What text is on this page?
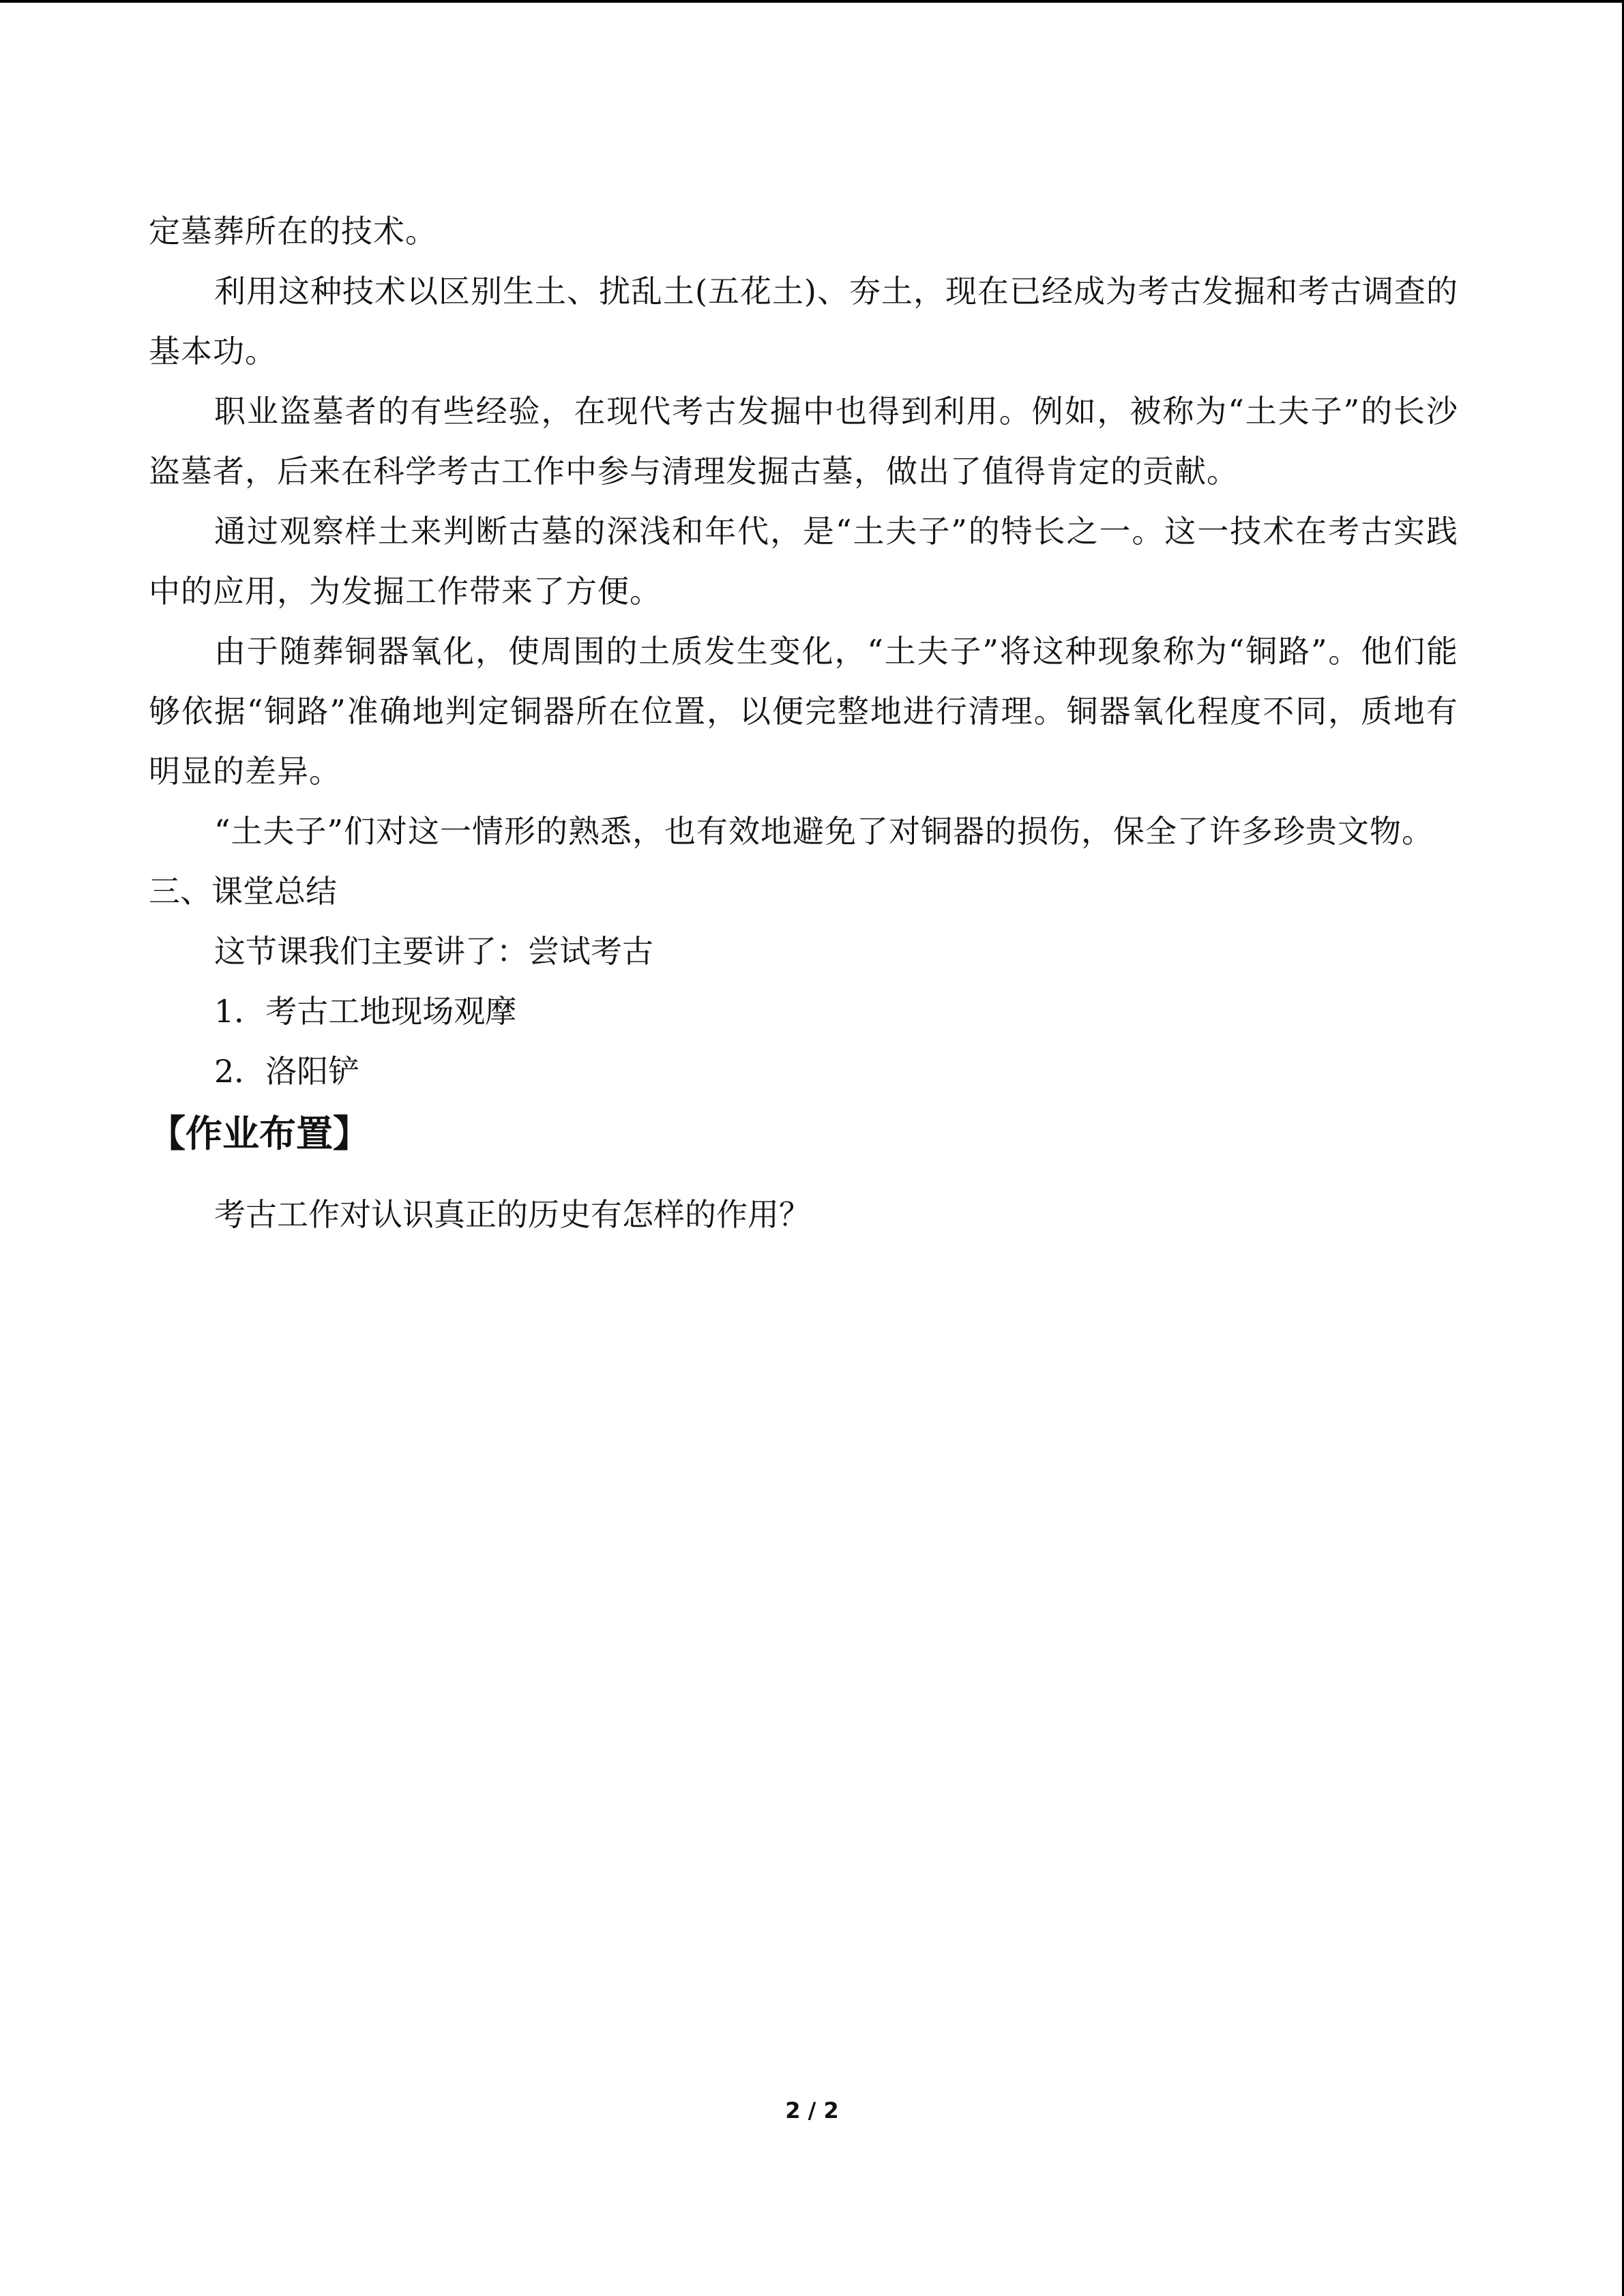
定墓葬所在的技术。

利用这种技术以区别生土、扰乱土(五花土)、夯土，现在已经成为考古发掘和考古调查的基本功。

职业盗墓者的有些经验，在现代考古发掘中也得到利用。例如，被称为“土夫子”的长沙盗墓者，后来在科学考古工作中参与清理发掘古墓，做出了值得肯定的贡献。

通过观察样土来判断古墓的深浅和年代，是“土夫子”的特长之一。这一技术在考古实践中的应用，为发掘工作带来了方便。

由于随葬铜器氧化，使周围的土质发生变化，“土夫子”将这种现象称为“铜路”。他们能够依据“铜路”准确地判定铜器所在位置，以便完整地进行清理。铜器氧化程度不同，质地有明显的差异。

“土夫子”们对这一情形的熟悉，也有效地避免了对铜器的损伤，保全了许多珍贵文物。

三、课堂总结

这节课我们主要讲了：尝试考古

1．考古工地现场观摩

2．洛阳铲

【作业布置】

考古工作对认识真正的历史有怎样的作用？

2 / 2
